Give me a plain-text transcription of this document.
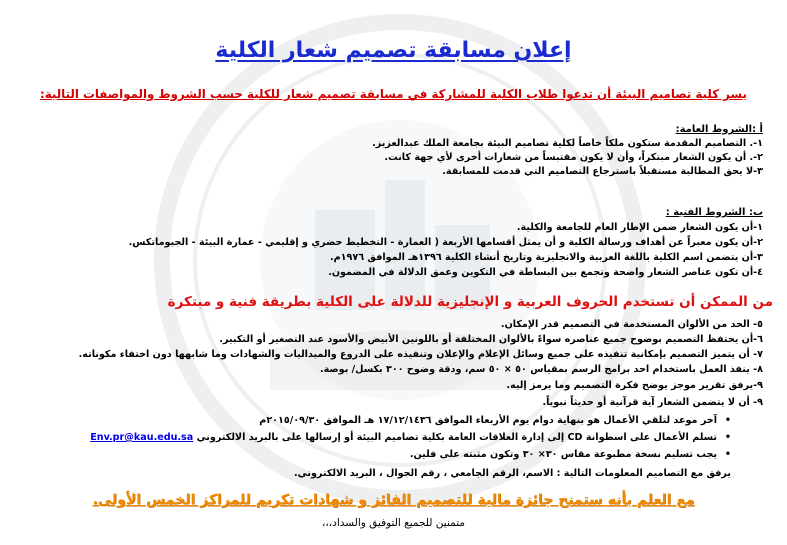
إعلان مسابقة تصميم شعار الكلية
يسر كلية تصاميم البيئة أن تدعوا طلاب الكلية للمشاركة في مسابقة تصميم شعار للكلية حسب الشروط والمواصفات التالية:
أ :الشروط العامة:
١-. التصاميم المقدمة ستكون ملكاً خاصاً لكلية تصاميم البيئة بجامعة الملك عبدالعزيز.
٢-. أن يكون الشعار مبتكراً، وأن لا يكون مقتبساً من شعارات أخرى لأي جهة كانت.
٣-لا يحق المطالبة مستقبلاً باسترجاع التصاميم التي قدمت للمسابقة.
ب: الشروط الفنية :
١-أن يكون الشعار ضمن الإطار العام للجامعة والكلية.
٢-أن يكون معبراً عن أهداف ورسالة الكلية و أن يمثل أقسامها الأربعة ( العمارة - التخطيط حضري و إقليمي - عمارة البيئة - الجيوماتكس.
٣-أن يتضمن اسم الكلية باللغة العربية والانجليزية وتاريخ أنشاء الكلية ١٣٩٦هـ الموافق ١٩٧٦م.
٤-أن تكون عناصر الشعار واضحة وتجمع بين البساطة في التكوين وعمق الدلالة في المضمون.
من الممكن أن تستخدم الحروف العربية و الإنجليزية للدلالة على الكلية بطريقة فنية و مبتكرة
٥- الحد من الألوان المستخدمة في التصميم قدر الإمكان.
٦-أن يحتفظ التصميم بوضوح جميع عناصره سواءً بالألوان المختلفة أو باللونين الأبيض والأسود عند التصغير أو التكبير.
٧- أن يتميز التصميم بإمكانية تنفيذه على جميع وسائل الإعلام والإعلان وتنفيذه على الدروع والميداليات والشهادات وما شابهها دون اختفاء مكوناته.
٨- ينفذ العمل باستخدام احد برامج الرسم بمقياس ٥٠ × ٥٠ سم، ودقة وضوح ٣٠٠ بكسل/ بوصة.
٩-يرفق تقرير موجز يوضح فكرة التصميم وما يرمز إليه.
٩- أن لا يتضمن الشعار آية قرآنية أو حديثاً نبوياً.
•
آخر موعد لتلقي الأعمال هو بنهاية دوام يوم الأربعاء الموافق ١٧/١٢/١٤٣٦ هـ الموافق ٢٠١٥/٠٩/٣٠م
•
تسلم الأعمال على اسطوانة CD إلى إدارة العلاقات العامة بكلية تصاميم البيئة أو إرسالها على بالبريد الالكتروني Env.pr@kau.edu.sa
•
يجب تسليم نسخة مطبوعة مقاس ٣٠× ٣٠ وتكون مثبته على فلين.
يرفق مع التصاميم المعلومات التالية : الاسم، الرقم الجامعي ، رقم الجوال ، البريد الالكتروني.
مع العلم بأنه ستمنح جائزة مالية للتصميم الفائز و شهادات تكريم للمراكز الخمس الأولى.
متمنين للجميع التوفيق والسداد،،،
